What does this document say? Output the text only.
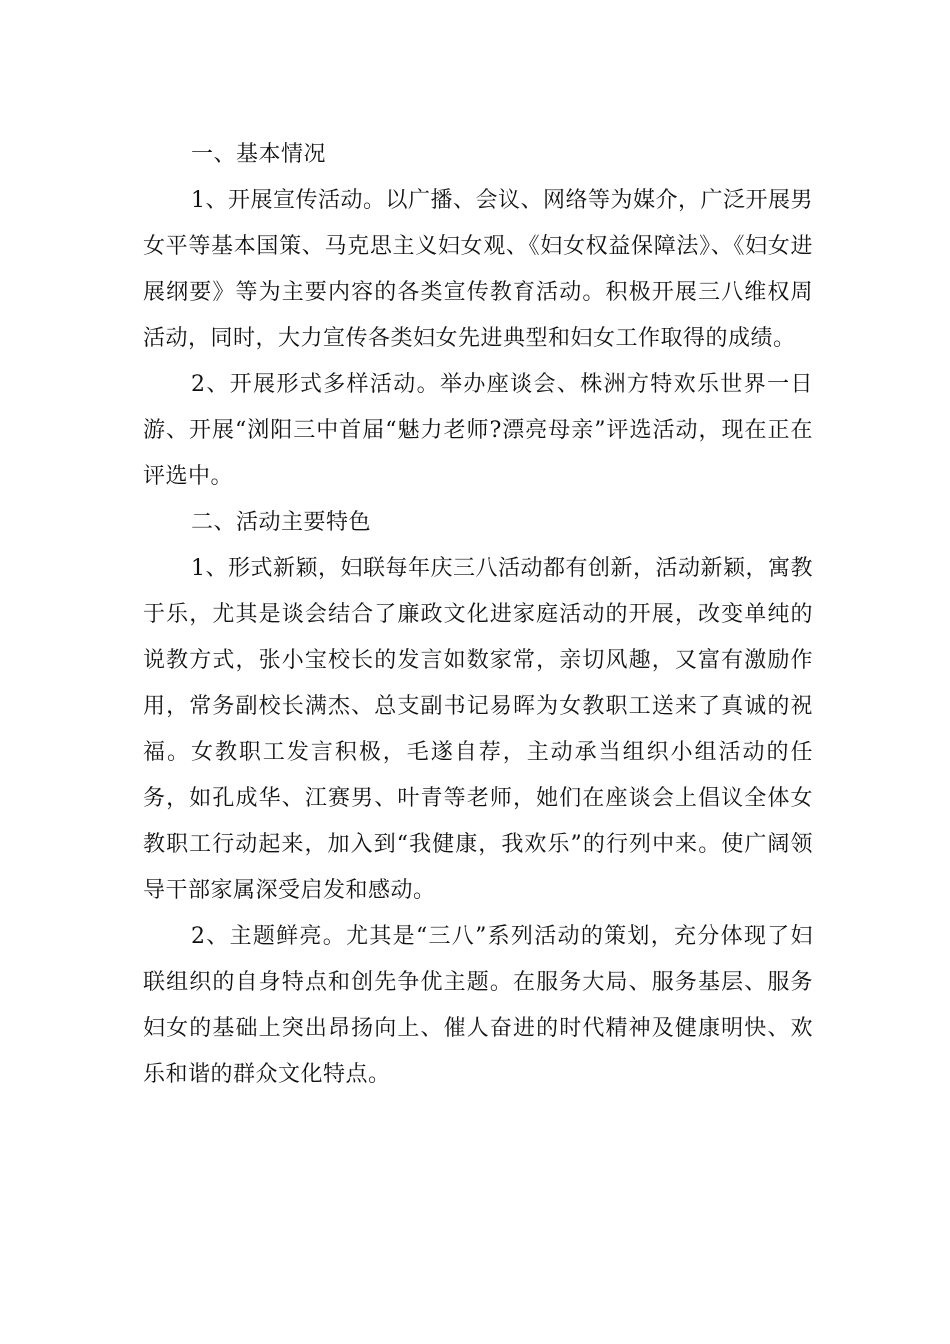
一、基本情况

1、开展宣传活动。以广播、会议、网络等为媒介，广泛开展男女平等基本国策、马克思主义妇女观、《妇女权益保障法》、《妇女进展纲要》等为主要内容的各类宣传教育活动。积极开展三八维权周活动，同时，大力宣传各类妇女先进典型和妇女工作取得的成绩。

2、开展形式多样活动。举办座谈会、株洲方特欢乐世界一日游、开展“浏阳三中首届“魅力老师?漂亮母亲”评选活动，现在正在评选中。

二、活动主要特色

1、形式新颖，妇联每年庆三八活动都有创新，活动新颖，寓教于乐，尤其是谈会结合了廉政文化进家庭活动的开展，改变单纯的说教方式，张小宝校长的发言如数家常，亲切风趣，又富有激励作用，常务副校长满杰、总支副书记易晖为女教职工送来了真诚的祝福。女教职工发言积极，毛遂自荐，主动承当组织小组活动的任务，如孔成华、江赛男、叶青等老师，她们在座谈会上倡议全体女教职工行动起来，加入到“我健康，我欢乐”的行列中来。使广阔领导干部家属深受启发和感动。

2、主题鲜亮。尤其是“三八”系列活动的策划，充分体现了妇联组织的自身特点和创先争优主题。在服务大局、服务基层、服务妇女的基础上突出昂扬向上、催人奋进的时代精神及健康明快、欢乐和谐的群众文化特点。
